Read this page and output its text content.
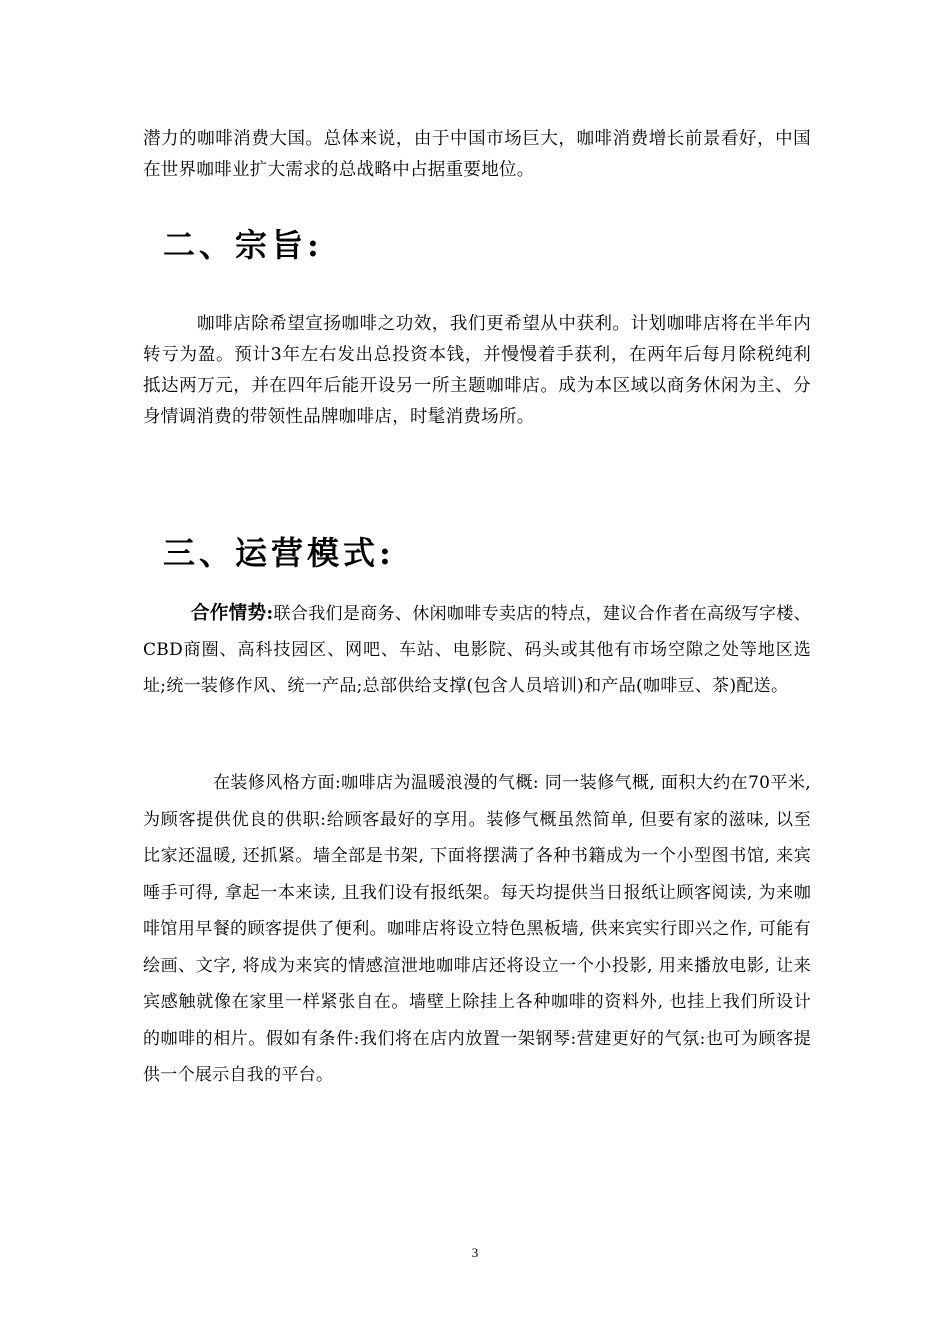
潜力的咖啡消费大国。总体来说，由于中国市场巨大，咖啡消费增长前景看好，中国在世界咖啡业扩大需求的总战略中占据重要地位。

二、宗旨:

咖啡店除希望宣扬咖啡之功效，我们更希望从中获利。计划咖啡店将在半年内转亏为盈。预计3年左右发出总投资本钱，并慢慢着手获利，在两年后每月除税纯利抵达两万元，并在四年后能开设另一所主题咖啡店。成为本区域以商务休闲为主、分身情调消费的带领性品牌咖啡店，时髦消费场所。

三、运营模式:

合作情势:联合我们是商务、休闲咖啡专卖店的特点，建议合作者在高级写字楼、CBD商圈、高科技园区、网吧、车站、电影院、码头或其他有市场空隙之处等地区选址;统一装修作风、统一产品;总部供给支撑(包含人员培训)和产品(咖啡豆、茶)配送。

在装修风格方面:咖啡店为温暖浪漫的气概: 同一装修气概, 面积大约在70平米, 为顾客提供优良的供职:给顾客最好的享用。装修气概虽然简单, 但要有家的滋味, 以至比家还温暖, 还抓紧。墙全部是书架, 下面将摆满了各种书籍成为一个小型图书馆, 来宾唾手可得, 拿起一本来读, 且我们设有报纸架。每天均提供当日报纸让顾客阅读, 为来咖啡馆用早餐的顾客提供了便利。咖啡店将设立特色黑板墙, 供来宾实行即兴之作, 可能有绘画、文字, 将成为来宾的情感渲泄地咖啡店还将设立一个小投影, 用来播放电影, 让来宾感触就像在家里一样紧张自在。墙壁上除挂上各种咖啡的资料外, 也挂上我们所设计的咖啡的相片。假如有条件:我们将在店内放置一架钢琴:营建更好的气氛:也可为顾客提供一个展示自我的平台。

3
